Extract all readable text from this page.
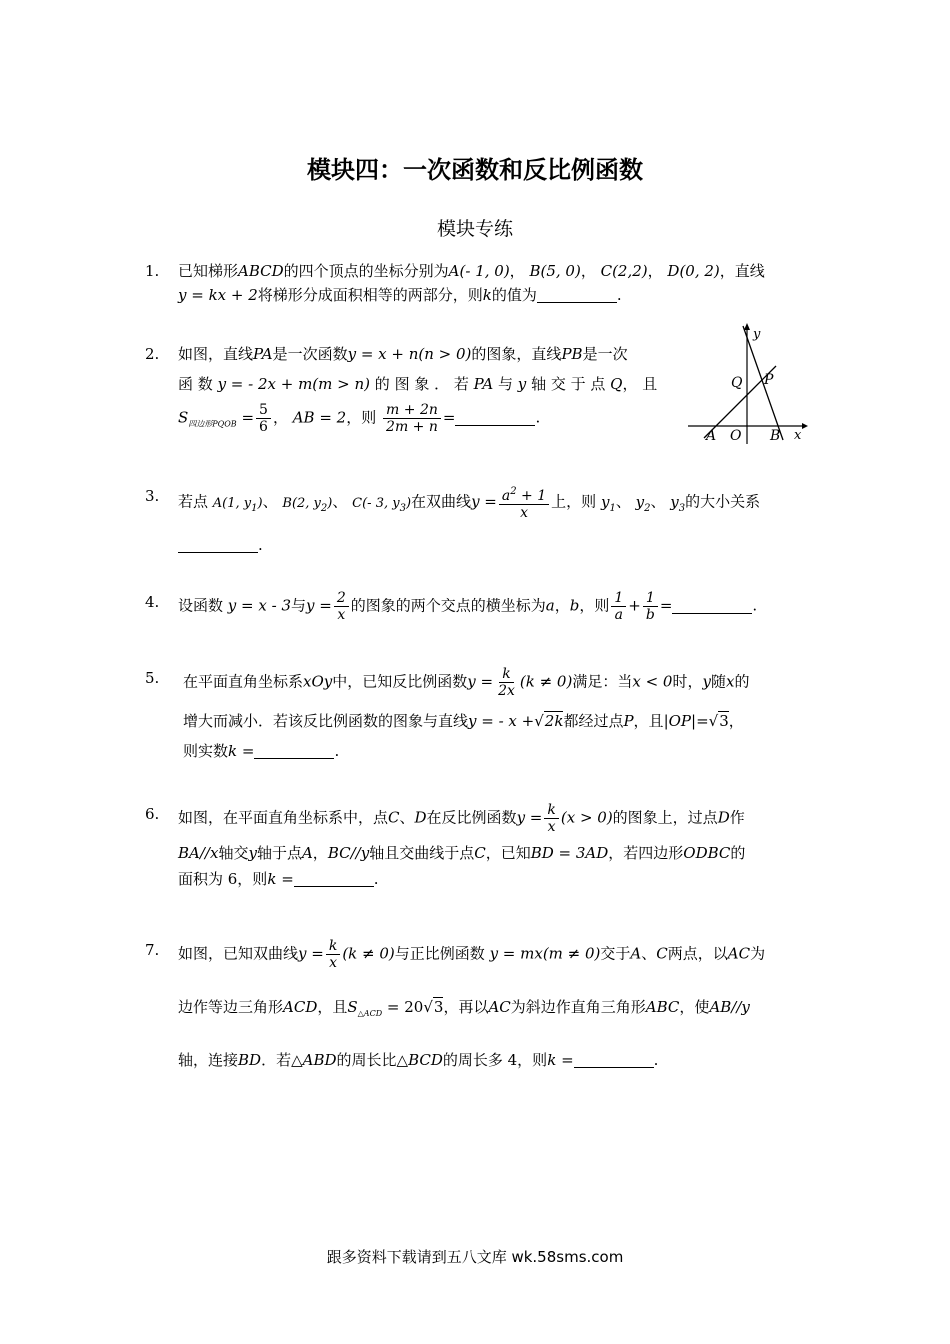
模块四：一次函数和反比例函数
模块专练
1.	已知梯形ABCD的四个顶点的坐标分别为A(- 1, 0)， B(5, 0)， C(2,2)， D(0, 2)，直线
y = kx + 2将梯形分成面积相等的两部分，则k的值为	.
2.	如图，直线PA是一次函数y = x + n(n > 0)的图象，直线PB是一次
函 数 y = - 2x + m(m > n) 的 图 象 ． 若 PA 与 y 轴 交 于 点 Q， 且
$S_{四边形PQOB} = \frac{5}{6}$ ， AB = 2，则 $\frac{m + 2n}{2m + n}$ =	.
y
Q P
A O B x
3.	若点 A(1, $y_1$)、 B(2, $y_2$)、 C(- 3, $y_3$)在双曲线$y = \frac{a^2 + 1}{x}$ 上，则 $y_1$、 $y_2$、 $y_3$的大小关系
.
4.	设函数 y = x - 3与$y = \frac{2}{x}$ 的图象的两个交点的横坐标为a，b，则 $\frac{1}{a} + \frac{1}{b}$ =	.
5.	在平面直角坐标系xOy中，已知反比例函数$y = \frac{k}{2x} (k \ne 0)$满足：当x < 0时，y随x的
增大而减小．若该反比例函数的图象与直线y = - x +√2k都经过点P，且|OP|=√3，
则实数k =	.
6.	如图，在平面直角坐标系中，点C、D在反比例函数$y = \frac{k}{x} (x > 0)$的图象上，过点D作
BA//x轴交y轴于点A，BC//y轴且交曲线于点C，已知BD = 3AD，若四边形ODBC的
面积为 6，则k =	.
7.	如图，已知双曲线$y = \frac{k}{x} (k \ne 0)$与正比例函数 y = mx(m ≠ 0)交于A、C两点，以AC为
边作等边三角形ACD，且$S_{\triangle ACD} = 20√3$，再以AC为斜边作直角三角形ABC，使AB//y
轴，连接BD．若△ABD的周长比△BCD的周长多 4，则k =	.
跟多资料下载请到五八文库 wk.58sms.com
